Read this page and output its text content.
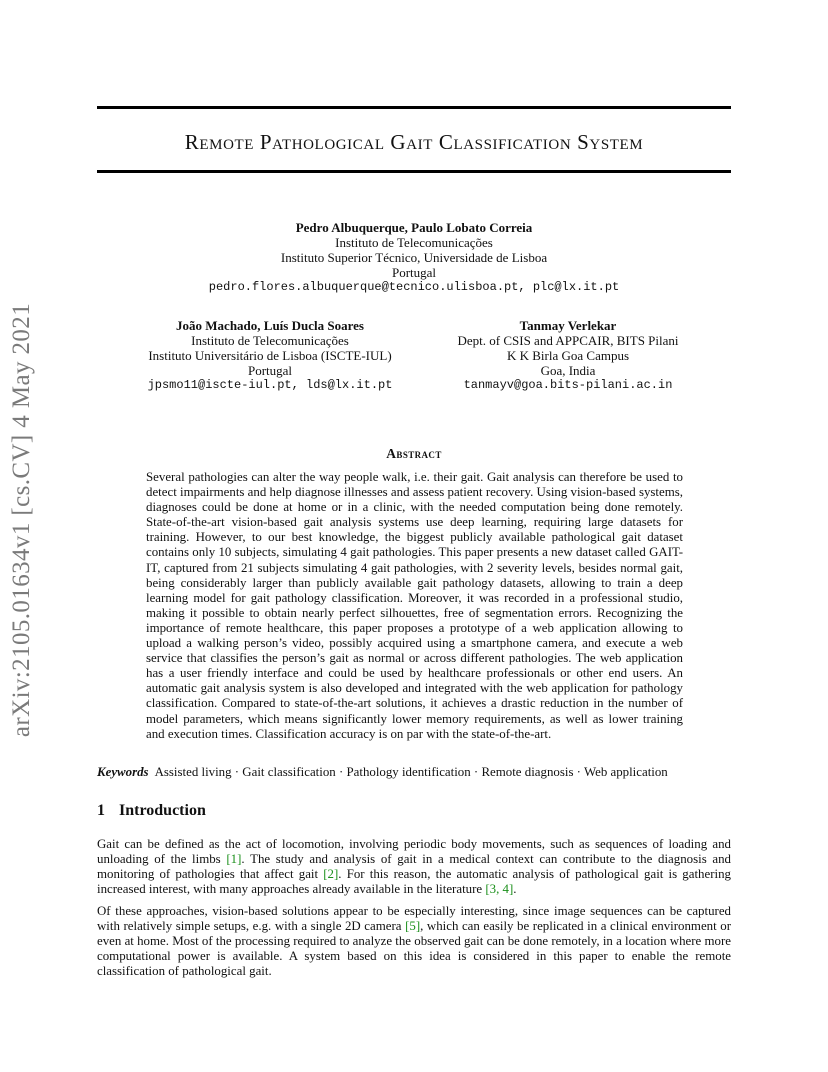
arXiv:2105.01634v1 [cs.CV] 4 May 2021
Remote Pathological Gait Classification System
Pedro Albuquerque, Paulo Lobato Correia
Instituto de Telecomunicações
Instituto Superior Técnico, Universidade de Lisboa
Portugal
pedro.flores.albuquerque@tecnico.ulisboa.pt, plc@lx.it.pt
João Machado, Luís Ducla Soares
Instituto de Telecomunicações
Instituto Universitário de Lisboa (ISCTE-IUL)
Portugal
jpsmo11@iscte-iul.pt, lds@lx.it.pt
Tanmay Verlekar
Dept. of CSIS and APPCAIR, BITS Pilani
K K Birla Goa Campus
Goa, India
tanmayv@goa.bits-pilani.ac.in
Abstract
Several pathologies can alter the way people walk, i.e. their gait. Gait analysis can therefore be used to detect impairments and help diagnose illnesses and assess patient recovery. Using vision-based systems, diagnoses could be done at home or in a clinic, with the needed computation being done remotely. State-of-the-art vision-based gait analysis systems use deep learning, requiring large datasets for training. However, to our best knowledge, the biggest publicly available pathological gait dataset contains only 10 subjects, simulating 4 gait pathologies. This paper presents a new dataset called GAIT-IT, captured from 21 subjects simulating 4 gait pathologies, with 2 severity levels, besides normal gait, being considerably larger than publicly available gait pathology datasets, allowing to train a deep learning model for gait pathology classification. Moreover, it was recorded in a professional studio, making it possible to obtain nearly perfect silhouettes, free of segmentation errors. Recognizing the importance of remote healthcare, this paper proposes a prototype of a web application allowing to upload a walking person’s video, possibly acquired using a smartphone camera, and execute a web service that classifies the person’s gait as normal or across different pathologies. The web application has a user friendly interface and could be used by healthcare professionals or other end users. An automatic gait analysis system is also developed and integrated with the web application for pathology classification. Compared to state-of-the-art solutions, it achieves a drastic reduction in the number of model parameters, which means significantly lower memory requirements, as well as lower training and execution times. Classification accuracy is on par with the state-of-the-art.
Keywords Assisted living · Gait classification · Pathology identification · Remote diagnosis · Web application
1 Introduction
Gait can be defined as the act of locomotion, involving periodic body movements, such as sequences of loading and unloading of the limbs [1]. The study and analysis of gait in a medical context can contribute to the diagnosis and monitoring of pathologies that affect gait [2]. For this reason, the automatic analysis of pathological gait is gathering increased interest, with many approaches already available in the literature [3, 4].
Of these approaches, vision-based solutions appear to be especially interesting, since image sequences can be captured with relatively simple setups, e.g. with a single 2D camera [5], which can easily be replicated in a clinical environment or even at home. Most of the processing required to analyze the observed gait can be done remotely, in a location where more computational power is available. A system based on this idea is considered in this paper to enable the remote classification of pathological gait.
